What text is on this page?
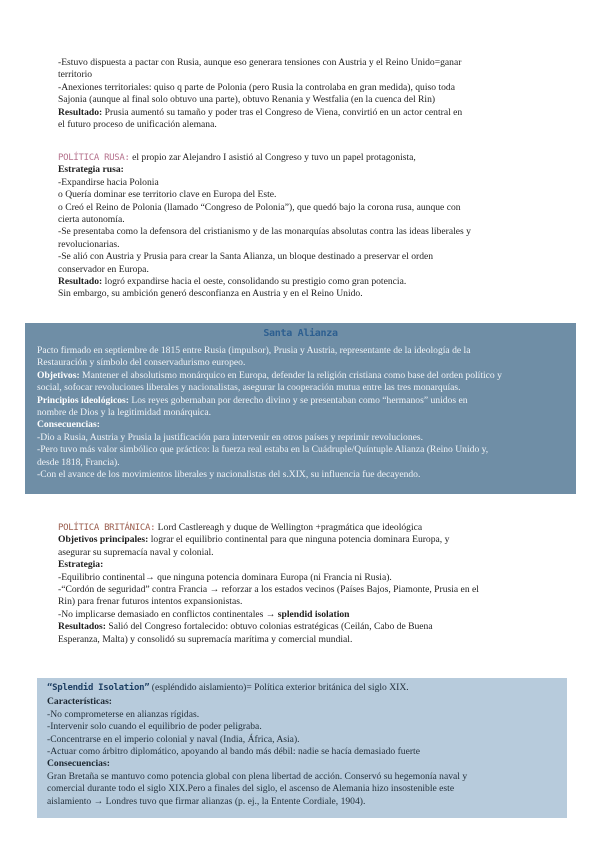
-Estuvo dispuesta a pactar con Rusia, aunque eso generara tensiones con Austria y el Reino Unido=ganar
territorio
-Anexiones territoriales: quiso q parte de Polonia (pero Rusia la controlaba en gran medida), quiso toda
Sajonia (aunque al final solo obtuvo una parte), obtuvo Renania y Westfalia (en la cuenca del Rin)
Resultado: Prusia aumentó su tamaño y poder tras el Congreso de Viena, convirtió en un actor central en
el futuro proceso de unificación alemana.
POLÍTICA RUSA: el propio zar Alejandro I asistió al Congreso y tuvo un papel protagonista,
Estrategia rusa:
-Expandirse hacia Polonia
o Quería dominar ese territorio clave en Europa del Este.
o Creó el Reino de Polonia (llamado “Congreso de Polonia”), que quedó bajo la corona rusa, aunque con
cierta autonomía.
-Se presentaba como la defensora del cristianismo y de las monarquías absolutas contra las ideas liberales y
revolucionarias.
-Se alió con Austria y Prusia para crear la Santa Alianza, un bloque destinado a preservar el orden
conservador en Europa.
Resultado: logró expandirse hacia el oeste, consolidando su prestigio como gran potencia.
Sin embargo, su ambición generó desconfianza en Austria y en el Reino Unido.
Santa Alianza
Pacto firmado en septiembre de 1815 entre Rusia (impulsor), Prusia y Austria, representante de la ideología de la
Restauración y símbolo del conservadurismo europeo.
Objetivos: Mantener el absolutismo monárquico en Europa, defender la religión cristiana como base del orden político y
social, sofocar revoluciones liberales y nacionalistas, asegurar la cooperación mutua entre las tres monarquías.
Principios ideológicos: Los reyes gobernaban por derecho divino y se presentaban como “hermanos” unidos en
nombre de Dios y la legitimidad monárquica.
Consecuencias:
-Dio a Rusia, Austria y Prusia la justificación para intervenir en otros países y reprimir revoluciones.
-Pero tuvo más valor simbólico que práctico: la fuerza real estaba en la Cuádruple/Quíntuple Alianza (Reino Unido y,
desde 1818, Francia).
-Con el avance de los movimientos liberales y nacionalistas del s.XIX, su influencia fue decayendo.
POLÍTICA BRITÁNICA: Lord Castlereagh y duque de Wellington +pragmática que ideológica
Objetivos principales: lograr el equilibrio continental para que ninguna potencia dominara Europa, y
asegurar su supremacía naval y colonial.
Estrategia:
-Equilibrio continental→ que ninguna potencia dominara Europa (ni Francia ni Rusia).
-“Cordón de seguridad” contra Francia → reforzar a los estados vecinos (Países Bajos, Piamonte, Prusia en el
Rin) para frenar futuros intentos expansionistas.
-No implicarse demasiado en conflictos continentales → splendid isolation
Resultados: Salió del Congreso fortalecido: obtuvo colonias estratégicas (Ceilán, Cabo de Buena
Esperanza, Malta) y consolidó su supremacía marítima y comercial mundial.
“Splendid Isolation” (espléndido aislamiento)= Política exterior británica del siglo XIX.
Características:
-No comprometerse en alianzas rígidas.
-Intervenir solo cuando el equilibrio de poder peligraba.
-Concentrarse en el imperio colonial y naval (India, África, Asia).
-Actuar como árbitro diplomático, apoyando al bando más débil: nadie se hacía demasiado fuerte
Consecuencias:
Gran Bretaña se mantuvo como potencia global con plena libertad de acción. Conservó su hegemonía naval y
comercial durante todo el siglo XIX.Pero a finales del siglo, el ascenso de Alemania hizo insostenible este
aislamiento → Londres tuvo que firmar alianzas (p. ej., la Entente Cordiale, 1904).
